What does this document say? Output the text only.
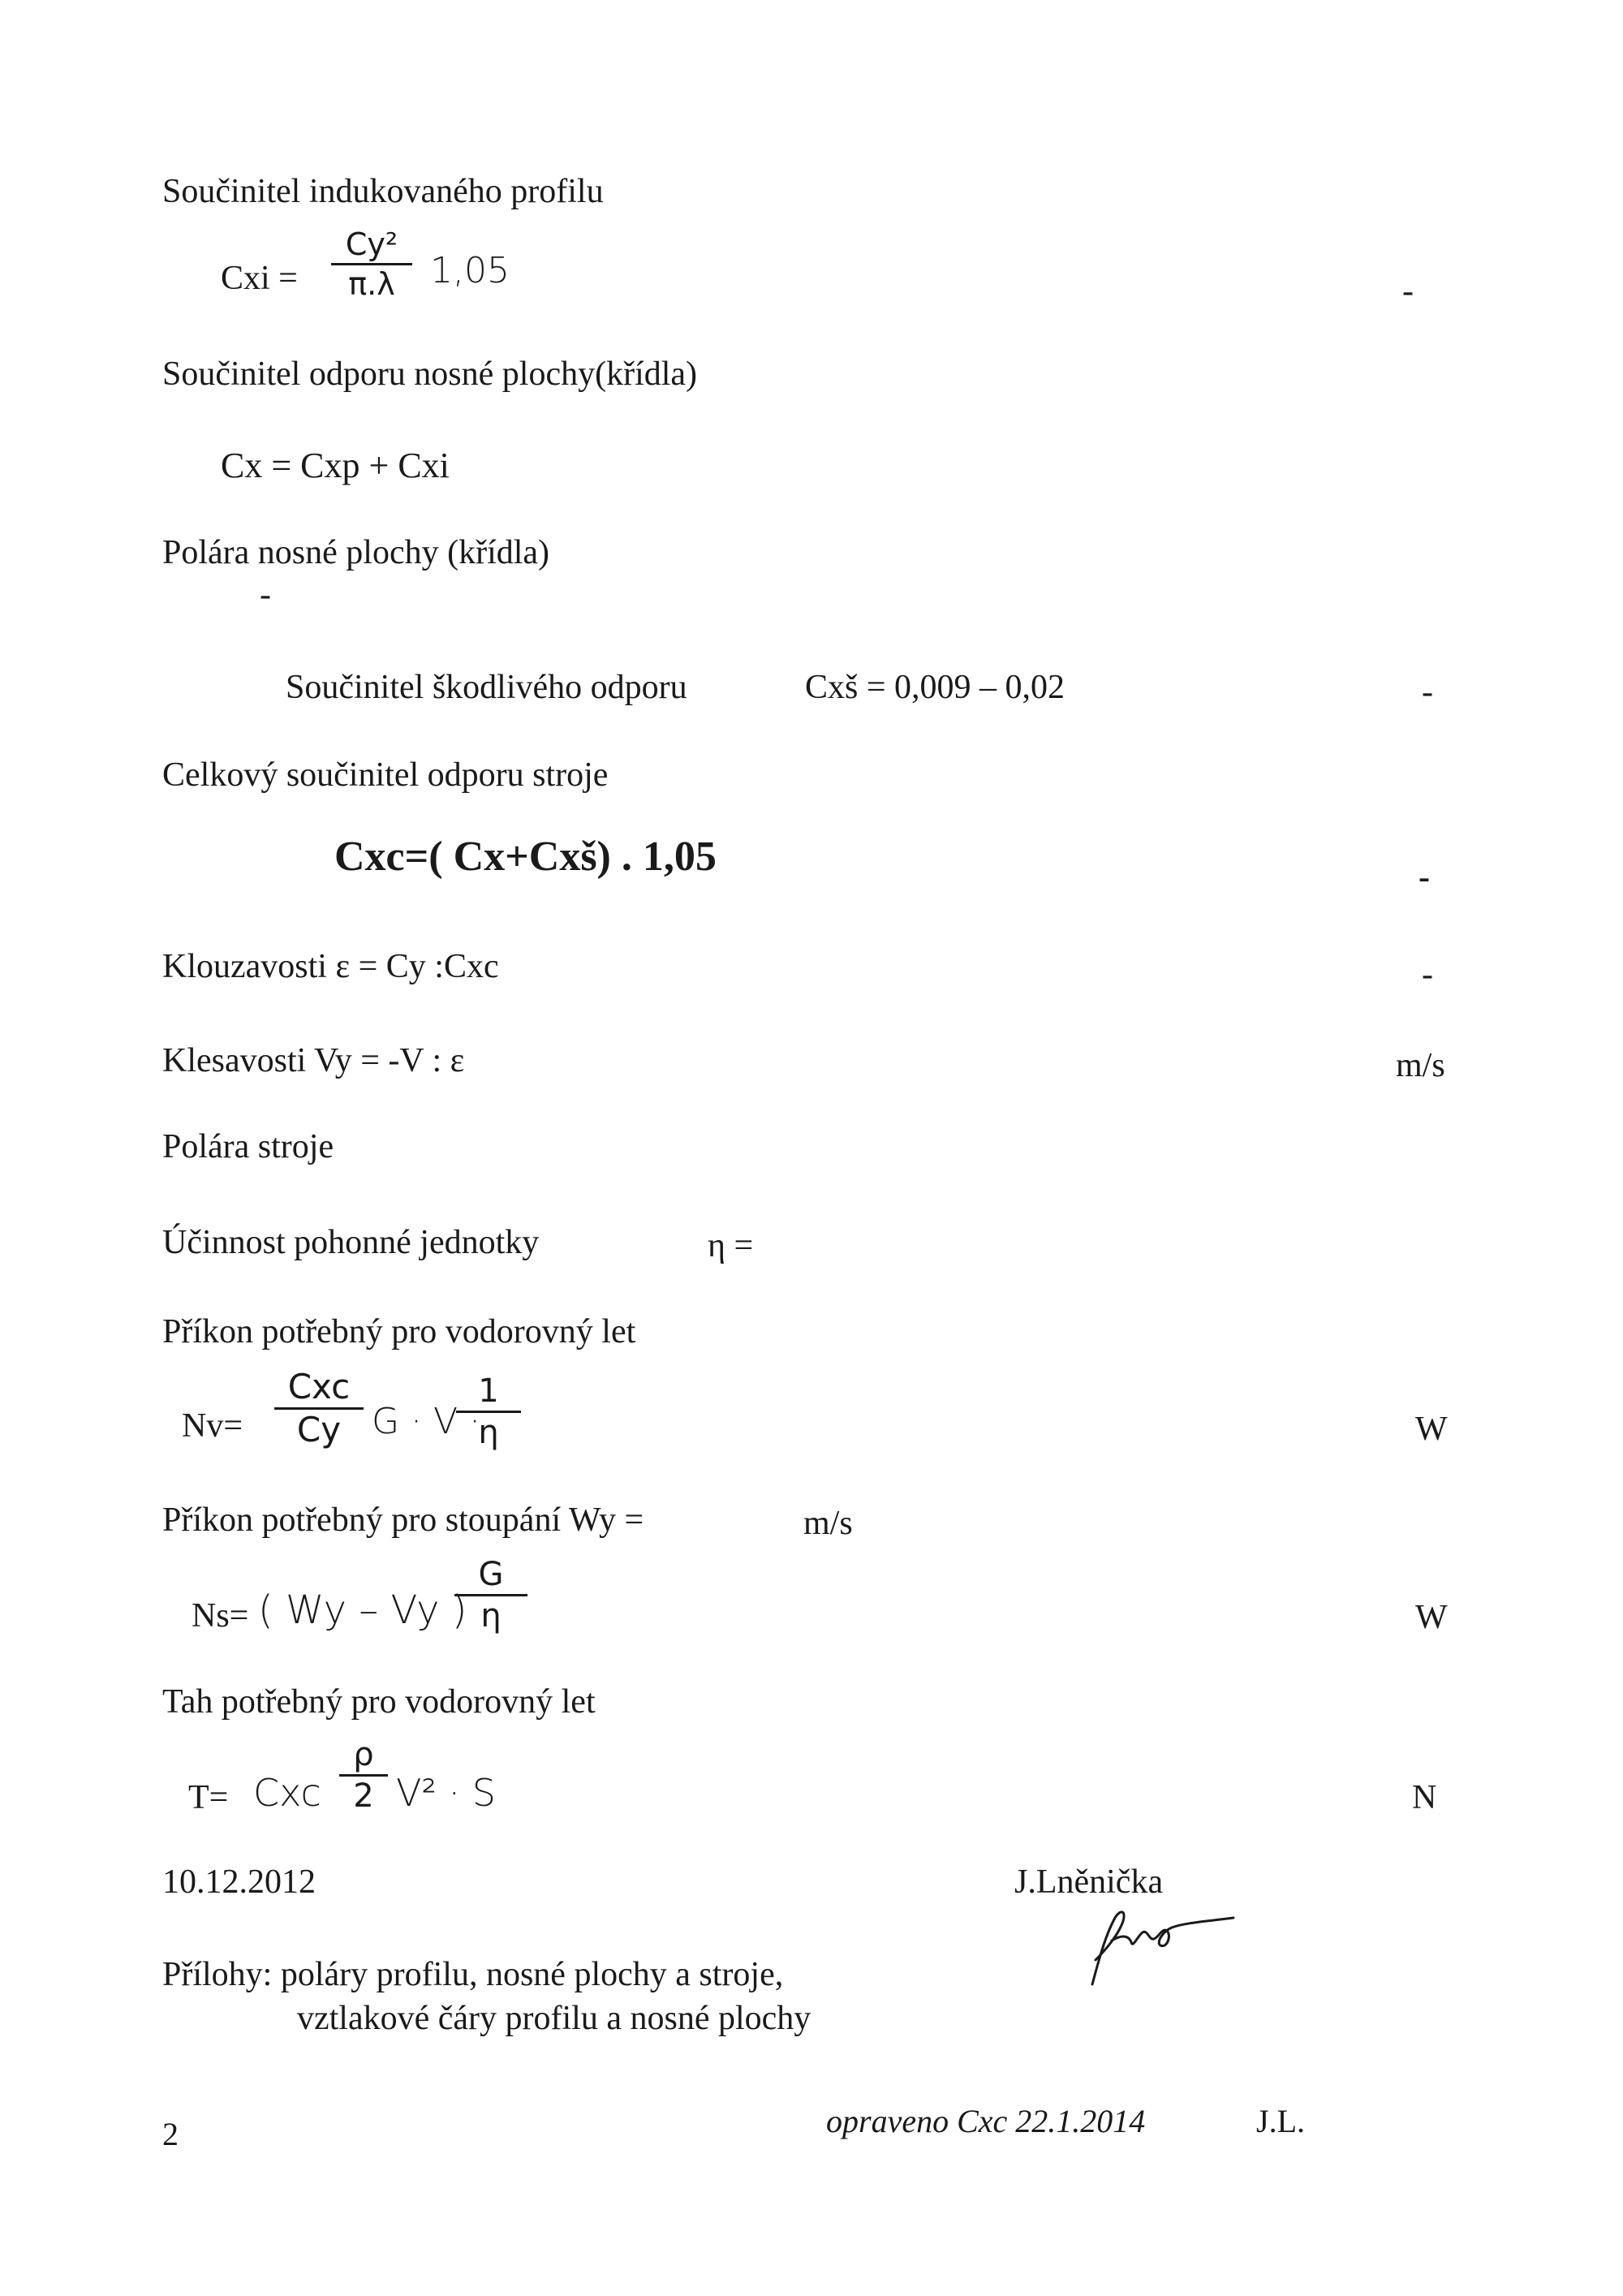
Součinitel indukovaného profilu
Cxi =
Cy²
π.λ 1,05	-
Součinitel odporu nosné plochy(křídla)
Cx = Cxp + Cxi
Polára nosné plochy (křídla)
-
Součinitel škodlivého odporu	Cxš = 0,009 – 0,02	-
Celkový součinitel odporu stroje
Cxc=( Cx+Cxš) . 1,05	-
Klouzavosti ε = Cy :Cxc	-
Klesavosti Vy = -V : ε	m/s
Polára stroje
Účinnost pohonné jednotky	η =
Příkon potřebný pro vodorovný let
Nv=
Cxc
Cy G · V ·
1
η	W
Příkon potřebný pro stoupání Wy =	m/s
Ns= ( Wy – Vy )
G
η	W
Tah potřebný pro vodorovný let
T= Cxc
ρ
2 V² · S	N
10.12.2012	J.Lněnička
Přílohy: poláry profilu, nosné plochy a stroje,
vztlakové čáry profilu a nosné plochy
2	opraveno Cxc 22.1.2014	J.L.
